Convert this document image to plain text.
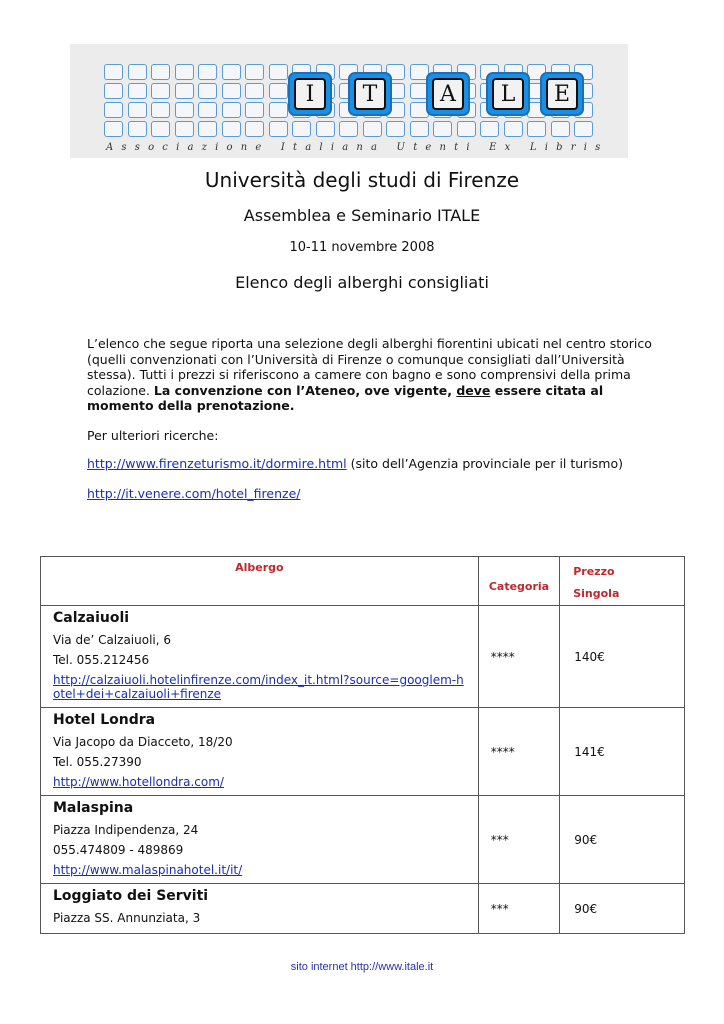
I	T	A	L	E
Associazione Italiana Utenti Ex Libris
Università degli studi di Firenze
Assemblea e Seminario ITALE
10-11 novembre 2008
Elenco degli alberghi consigliati
L’elenco che segue riporta una selezione degli alberghi fiorentini ubicati nel centro storico (quelli convenzionati con l’Università di Firenze o comunque consigliati dall’Università stessa). Tutti i prezzi si riferiscono a camere con bagno e sono comprensivi della prima colazione. La convenzione con l’Ateneo, ove vigente, deve essere citata al momento della prenotazione.
Per ulteriori ricerche:
http://www.firenzeturismo.it/dormire.html (sito dell’Agenzia provinciale per il turismo)
http://it.venere.com/hotel_firenze/
Albergo	Categoria	Prezzo
Singola

Calzaiuoli
Via de’ Calzaiuoli, 6
Tel. 055.212456
http://calzaiuoli.hotelinfirenze.com/index_it.html?source=googlem-hotel+dei+calzaiuoli+firenze	****	140€

Hotel Londra
Via Jacopo da Diacceto, 18/20
Tel. 055.27390
http://www.hotellondra.com/	****	141€

Malaspina
Piazza Indipendenza, 24
055.474809 - 489869
http://www.malaspinahotel.it/it/	***	90€

Loggiato dei Serviti
Piazza SS. Annunziata, 3	***	90€
sito internet http://www.itale.it
